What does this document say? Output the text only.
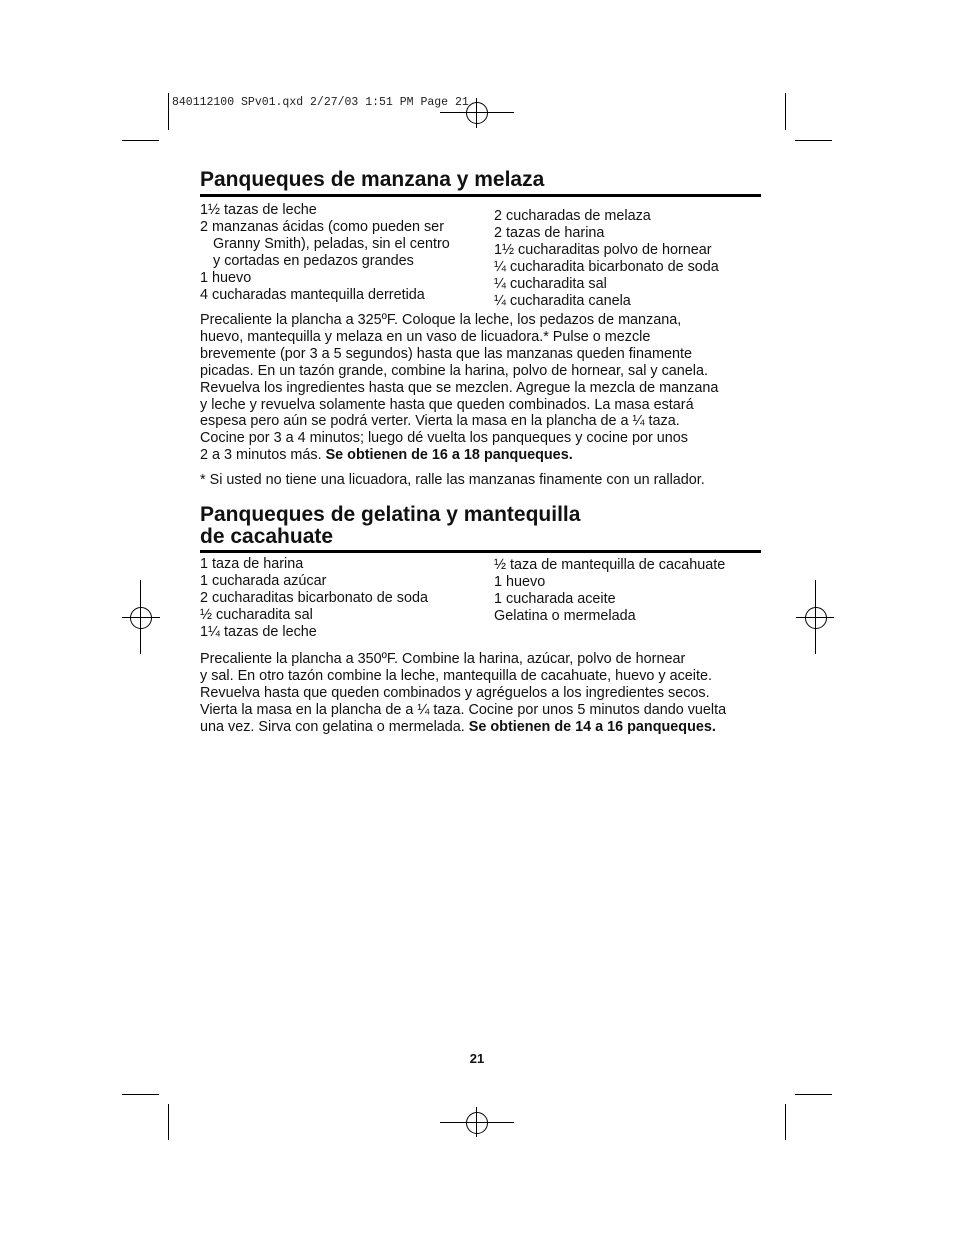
840112100 SPv01.qxd 2/27/03 1:51 PM Page 21
Panqueques de manzana y melaza
1½ tazas de leche
2 manzanas ácidas (como pueden ser
Granny Smith), peladas, sin el centro
y cortadas en pedazos grandes
1 huevo
4 cucharadas mantequilla derretida
2 cucharadas de melaza
2 tazas de harina
1½ cucharaditas polvo de hornear
¼ cucharadita bicarbonato de soda
¼ cucharadita sal
¼ cucharadita canela
Precaliente la plancha a 325ºF. Coloque la leche, los pedazos de manzana,
huevo, mantequilla y melaza en un vaso de licuadora.* Pulse o mezcle
brevemente (por 3 a 5 segundos) hasta que las manzanas queden finamente
picadas. En un tazón grande, combine la harina, polvo de hornear, sal y canela.
Revuelva los ingredientes hasta que se mezclen. Agregue la mezcla de manzana
y leche y revuelva solamente hasta que queden combinados. La masa estará
espesa pero aún se podrá verter. Vierta la masa en la plancha de a ¼ taza.
Cocine por 3 a 4 minutos; luego dé vuelta los panqueques y cocine por unos
2 a 3 minutos más. Se obtienen de 16 a 18 panqueques.
* Si usted no tiene una licuadora, ralle las manzanas finamente con un rallador.
Panqueques de gelatina y mantequilla
de cacahuate
1 taza de harina
1 cucharada azúcar
2 cucharaditas bicarbonato de soda
½ cucharadita sal
1¼ tazas de leche
½ taza de mantequilla de cacahuate
1 huevo
1 cucharada aceite
Gelatina o mermelada
Precaliente la plancha a 350ºF. Combine la harina, azúcar, polvo de hornear
y sal. En otro tazón combine la leche, mantequilla de cacahuate, huevo y aceite.
Revuelva hasta que queden combinados y agréguelos a los ingredientes secos.
Vierta la masa en la plancha de a ¼ taza. Cocine por unos 5 minutos dando vuelta
una vez. Sirva con gelatina o mermelada. Se obtienen de 14 a 16 panqueques.
21
